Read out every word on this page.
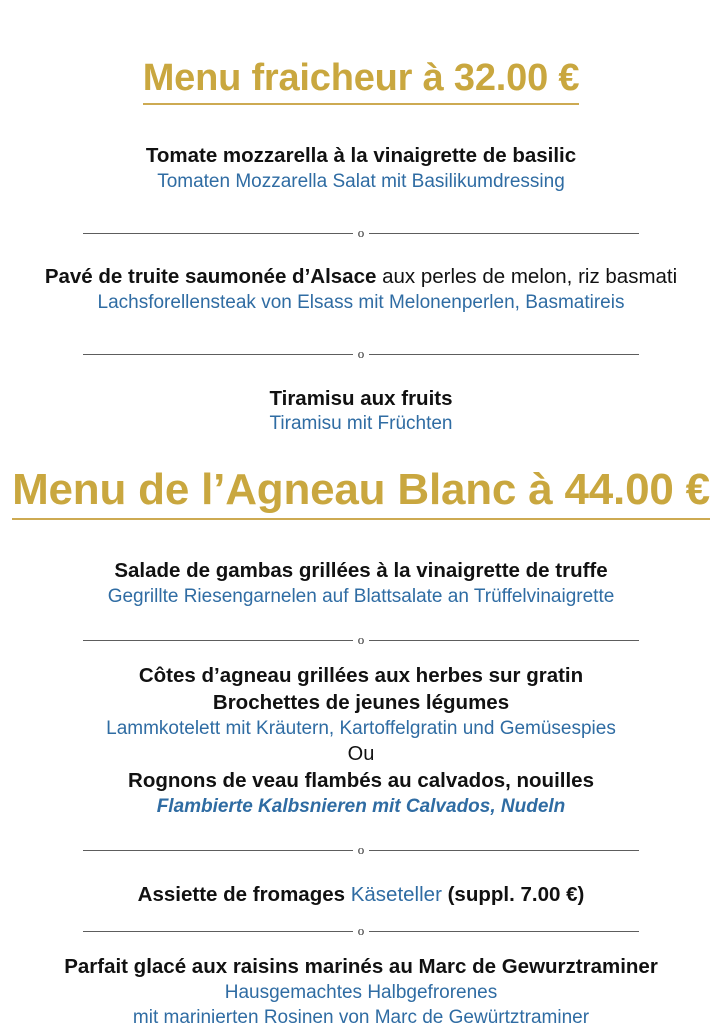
Menu fraicheur à 32.00 €
Tomate mozzarella à la vinaigrette de basilic
Tomaten Mozzarella Salat mit Basilikumdressing
o
Pavé de truite saumonée d’Alsace aux perles de melon, riz basmati
Lachsforellensteak von Elsass mit Melonenperlen, Basmatireis
o
Tiramisu aux fruits
Tiramisu mit Früchten
Menu de l’Agneau Blanc à 44.00 €
Salade de gambas grillées à la vinaigrette de truffe
Gegrillte Riesengarnelen auf Blattsalate an Trüffelvinaigrette
o
Côtes d’agneau grillées aux herbes sur gratin
Brochettes de jeunes légumes
Lammkotelett mit Kräutern, Kartoffelgratin und Gemüsespies
Ou
Rognons de veau flambés au calvados, nouilles
Flambierte Kalbsnieren mit Calvados, Nudeln
o
Assiette de fromages Käseteller (suppl. 7.00 €)
o
Parfait glacé aux raisins marinés au Marc de Gewurztraminer
Hausgemachtes Halbgefrorenes
mit marinierten Rosinen von Marc de Gewürtztraminer
